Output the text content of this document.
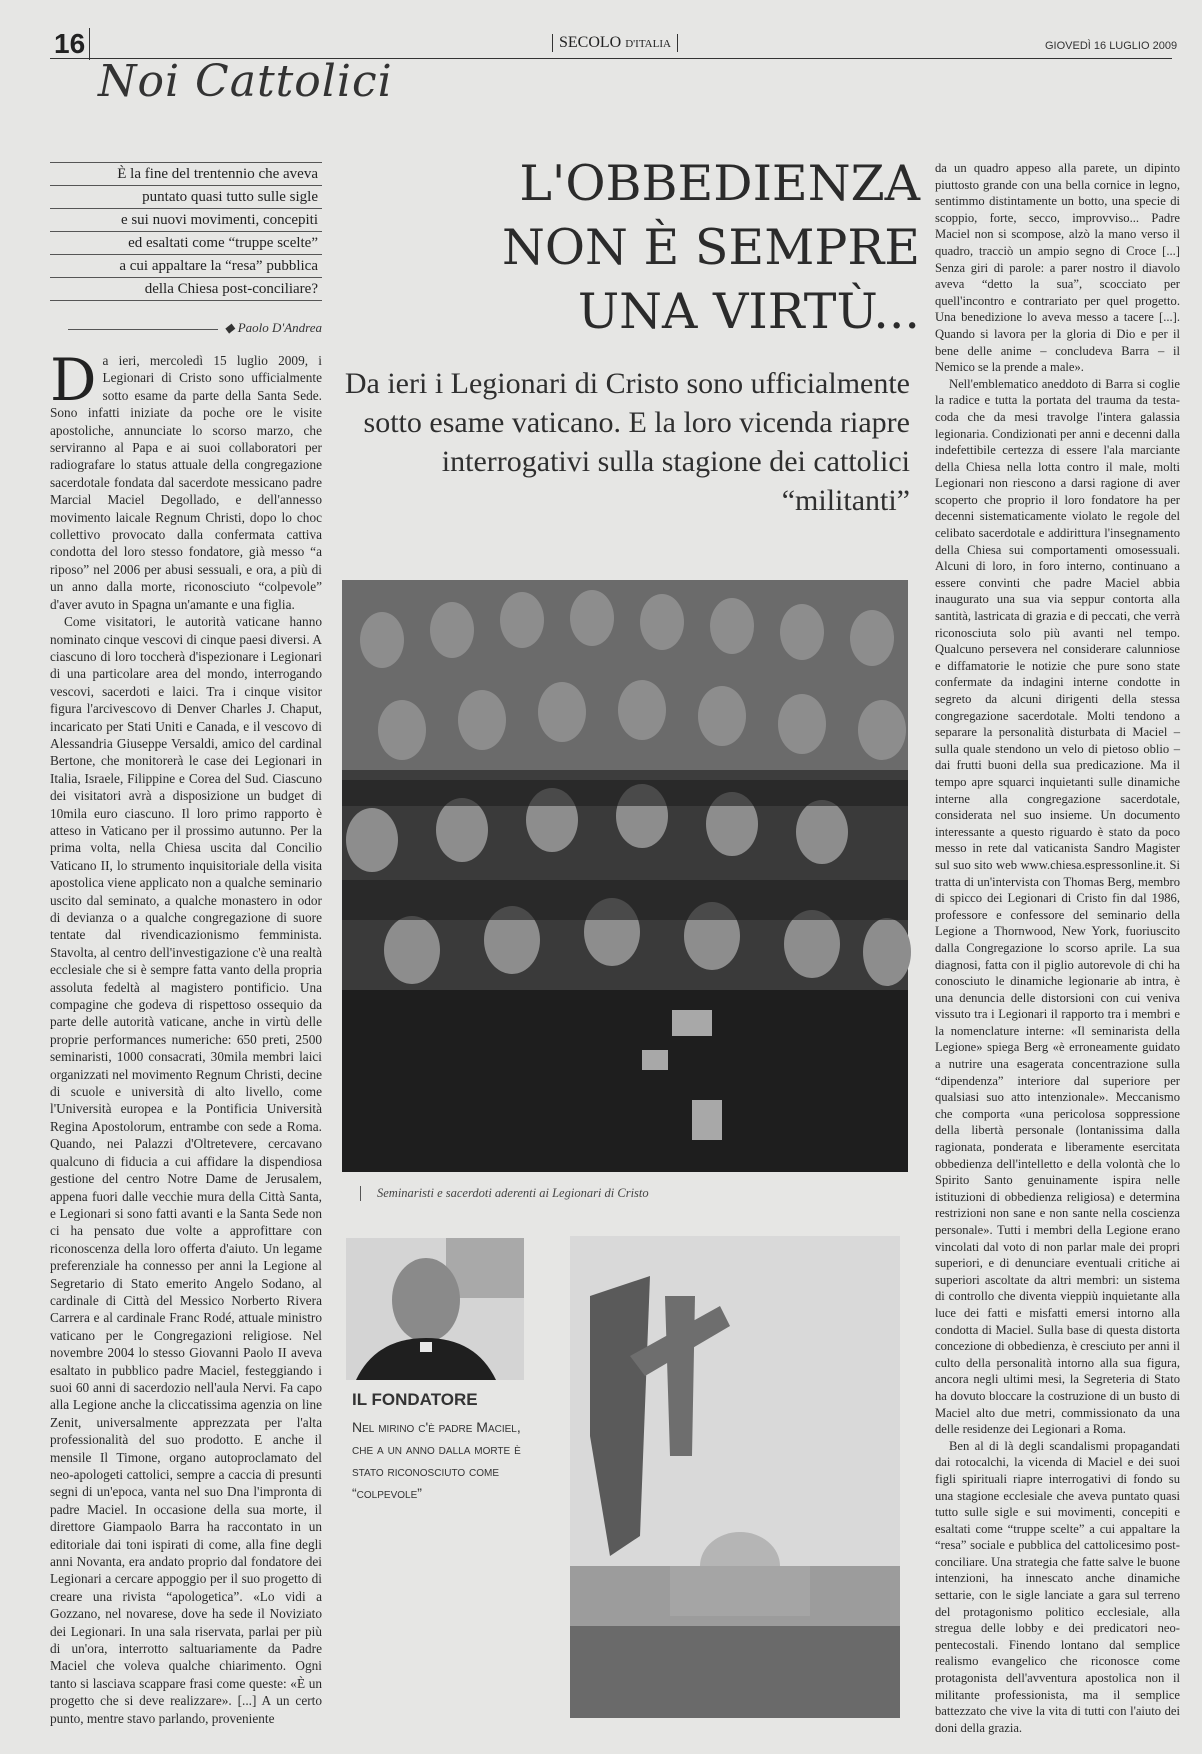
16
Noi Cattolici
SECOLO D'ITALIA	GIOVEDÌ 16 LUGLIO 2009
È la fine del trentennio che aveva
puntato quasi tutto sulle sigle
e sui nuovi movimenti, concepiti
ed esaltati come “truppe scelte”
a cui appaltare la “resa” pubblica
della Chiesa post-conciliare?
◆ Paolo D'Andrea

Da ieri, mercoledì 15 luglio 2009, i Legionari di Cristo sono ufficialmente sotto esame da parte della Santa Sede. Sono infatti iniziate da poche ore le visite apostoliche, annunciate lo scorso marzo, che serviranno al Papa e ai suoi collaboratori per radiografare lo status attuale della congregazione sacerdotale fondata dal sacerdote messicano padre Marcial Maciel Degollado, e dell'annesso movimento laicale Regnum Christi, dopo lo choc collettivo provocato dalla confermata cattiva condotta del loro stesso fondatore, già messo “a riposo” nel 2006 per abusi sessuali, e ora, a più di un anno dalla morte, riconosciuto “colpevole” d'aver avuto in Spagna un'amante e una figlia.

Come visitatori, le autorità vaticane hanno nominato cinque vescovi di cinque paesi diversi. A ciascuno di loro toccherà d'ispezionare i Legionari di una particolare area del mondo, interrogando vescovi, sacerdoti e laici. Tra i cinque visitor figura l'arcivescovo di Denver Charles J. Chaput, incaricato per Stati Uniti e Canada, e il vescovo di Alessandria Giuseppe Versaldi, amico del cardinal Bertone, che monitorerà le case dei Legionari in Italia, Israele, Filippine e Corea del Sud. Ciascuno dei visitatori avrà a disposizione un budget di 10mila euro ciascuno. Il loro primo rapporto è atteso in Vaticano per il prossimo autunno. Per la prima volta, nella Chiesa uscita dal Concilio Vaticano II, lo strumento inquisitoriale della visita apostolica viene applicato non a qualche seminario uscito dal seminato, a qualche monastero in odor di devianza o a qualche congregazione di suore tentate dal rivendicazionismo femminista. Stavolta, al centro dell'investigazione c'è una realtà ecclesiale che si è sempre fatta vanto della propria assoluta fedeltà al magistero pontificio. Una compagine che godeva di rispettoso ossequio da parte delle autorità vaticane, anche in virtù delle proprie performances numeriche: 650 preti, 2500 seminaristi, 1000 consacrati, 30mila membri laici organizzati nel movimento Regnum Christi, decine di scuole e università di alto livello, come l'Università europea e la Pontificia Università Regina Apostolorum, entrambe con sede a Roma. Quando, nei Palazzi d'Oltretevere, cercavano qualcuno di fiducia a cui affidare la dispendiosa gestione del centro Notre Dame de Jerusalem, appena fuori dalle vecchie mura della Città Santa, e Legionari si sono fatti avanti e la Santa Sede non ci ha pensato due volte a approfittare con riconoscenza della loro offerta d'aiuto. Un legame preferenziale ha connesso per anni la Legione al Segretario di Stato emerito Angelo Sodano, al cardinale di Città del Messico Norberto Rivera Carrera e al cardinale Franc Rodé, attuale ministro vaticano per le Congregazioni religiose. Nel novembre 2004 lo stesso Giovanni Paolo II aveva esaltato in pubblico padre Maciel, festeggiando i suoi 60 anni di sacerdozio nell'aula Nervi. Fa capo alla Legione anche la cliccatissima agenzia on line Zenit, universalmente apprezzata per l'alta professionalità del suo prodotto. E anche il mensile Il Timone, organo autoproclamato del neo-apologeti cattolici, sempre a caccia di presunti segni di un'epoca, vanta nel suo Dna l'impronta di padre Maciel. In occasione della sua morte, il direttore Giampaolo Barra ha raccontato in un editoriale dai toni ispirati di come, alla fine degli anni Novanta, era andato proprio dal fondatore dei Legionari a cercare appoggio per il suo progetto di creare una rivista “apologetica”. «Lo vidi a Gozzano, nel novarese, dove ha sede il Noviziato dei Legionari. In una sala riservata, parlai per più di un'ora, interrotto saltuariamente da Padre Maciel che voleva qualche chiarimento. Ogni tanto si lasciava scappare frasi come queste: «È un progetto che si deve realizzare». [...] A un certo punto, mentre stavo parlando, proveniente

L'OBBEDIENZA
NON È SEMPRE
UNA VIRTÙ...
Da ieri i Legionari di Cristo sono ufficialmente sotto esame vaticano. E la loro vicenda riapre interrogativi sulla stagione dei cattolici “militanti”
Seminaristi e sacerdoti aderenti ai Legionari di Cristo
IL FONDATORE
Nel mirino c'è padre Maciel, che a un anno dalla morte è stato riconosciuto come “colpevole”

da un quadro appeso alla parete, un dipinto piuttosto grande con una bella cornice in legno, sentimmo distintamente un botto, una specie di scoppio, forte, secco, improvviso... Padre Maciel non si scompose, alzò la mano verso il quadro, tracciò un ampio segno di Croce [...] Senza giri di parole: a parer nostro il diavolo aveva “detto la sua”, scocciato per quell'incontro e contrariato per quel progetto. Una benedizione lo aveva messo a tacere [...]. Quando si lavora per la gloria di Dio e per il bene delle anime – concludeva Barra – il Nemico se la prende a male».

Nell'emblematico aneddoto di Barra si coglie la radice e tutta la portata del trauma da testa-coda che da mesi travolge l'intera galassia legionaria. Condizionati per anni e decenni dalla indefettibile certezza di essere l'ala marciante della Chiesa nella lotta contro il male, molti Legionari non riescono a darsi ragione di aver scoperto che proprio il loro fondatore ha per decenni sistematicamente violato le regole del celibato sacerdotale e addirittura l'insegnamento della Chiesa sui comportamenti omosessuali. Alcuni di loro, in foro interno, continuano a essere convinti che padre Maciel abbia inaugurato una sua via seppur contorta alla santità, lastricata di grazia e di peccati, che verrà riconosciuta solo più avanti nel tempo. Qualcuno persevera nel considerare calunniose e diffamatorie le notizie che pure sono state confermate da indagini interne condotte in segreto da alcuni dirigenti della stessa congregazione sacerdotale. Molti tendono a separare la personalità disturbata di Maciel – sulla quale stendono un velo di pietoso oblio – dai frutti buoni della sua predicazione. Ma il tempo apre squarci inquietanti sulle dinamiche interne alla congregazione sacerdotale, considerata nel suo insieme. Un documento interessante a questo riguardo è stato da poco messo in rete dal vaticanista Sandro Magister sul suo sito web www.chiesa.espressonline.it. Si tratta di un'intervista con Thomas Berg, membro di spicco dei Legionari di Cristo fin dal 1986, professore e confessore del seminario della Legione a Thornwood, New York, fuoriuscito dalla Congregazione lo scorso aprile. La sua diagnosi, fatta con il piglio autorevole di chi ha conosciuto le dinamiche legionarie ab intra, è una denuncia delle distorsioni con cui veniva vissuto tra i Legionari il rapporto tra i membri e la nomenclature interne: «Il seminarista della Legione» spiega Berg «è erroneamente guidato a nutrire una esagerata concentrazione sulla “dipendenza” interiore dal superiore per qualsiasi suo atto intenzionale». Meccanismo che comporta «una pericolosa soppressione della libertà personale (lontanissima dalla ragionata, ponderata e liberamente esercitata obbedienza dell'intelletto e della volontà che lo Spirito Santo genuinamente ispira nelle istituzioni di obbedienza religiosa) e determina restrizioni non sane e non sante nella coscienza personale». Tutti i membri della Legione erano vincolati dal voto di non parlar male dei propri superiori, e di denunciare eventuali critiche ai superiori ascoltate da altri membri: un sistema di controllo che diventa vieppiù inquietante alla luce dei fatti e misfatti emersi intorno alla condotta di Maciel. Sulla base di questa distorta concezione di obbedienza, è cresciuto per anni il culto della personalità intorno alla sua figura, ancora negli ultimi mesi, la Segreteria di Stato ha dovuto bloccare la costruzione di un busto di Maciel alto due metri, commissionato da una delle residenze dei Legionari a Roma.

Ben al di là degli scandalismi propagandati dai rotocalchi, la vicenda di Maciel e dei suoi figli spirituali riapre interrogativi di fondo su una stagione ecclesiale che aveva puntato quasi tutto sulle sigle e sui movimenti, concepiti e esaltati come “truppe scelte” a cui appaltare la “resa” sociale e pubblica del cattolicesimo post-conciliare. Una strategia che fatte salve le buone intenzioni, ha innescato anche dinamiche settarie, con le sigle lanciate a gara sul terreno del protagonismo politico ecclesiale, alla stregua delle lobby e dei predicatori neo-pentecostali. Finendo lontano dal semplice realismo evangelico che riconosce come protagonista dell'avventura apostolica non il militante professionista, ma il semplice battezzato che vive la vita di tutti con l'aiuto dei doni della grazia.
